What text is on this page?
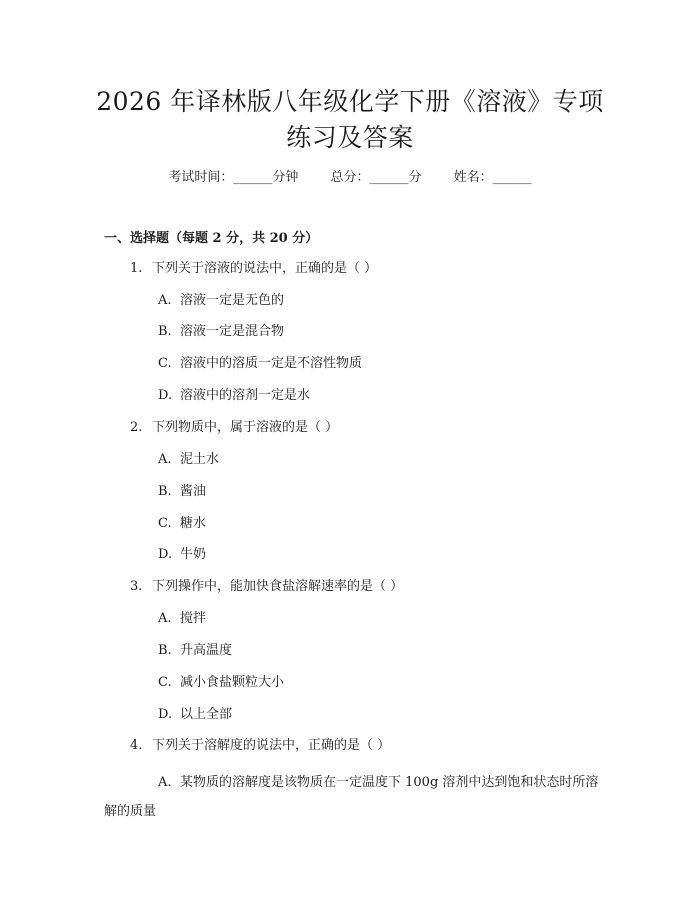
2026 年译林版八年级化学下册《溶液》专项
练习及答案
考试时间：______分钟 总分：______分 姓名：______
一、选择题（每题 2 分，共 20 分）
1. 下列关于溶液的说法中，正确的是（ ）
A. 溶液一定是无色的
B. 溶液一定是混合物
C. 溶液中的溶质一定是不溶性物质
D. 溶液中的溶剂一定是水
2. 下列物质中，属于溶液的是（ ）
A. 泥土水
B. 酱油
C. 糖水
D. 牛奶
3. 下列操作中，能加快食盐溶解速率的是（ ）
A. 搅拌
B. 升高温度
C. 减小食盐颗粒大小
D. 以上全部
4. 下列关于溶解度的说法中，正确的是（ ）
A. 某物质的溶解度是该物质在一定温度下 100g 溶剂中达到饱和状态时所溶解的质量
